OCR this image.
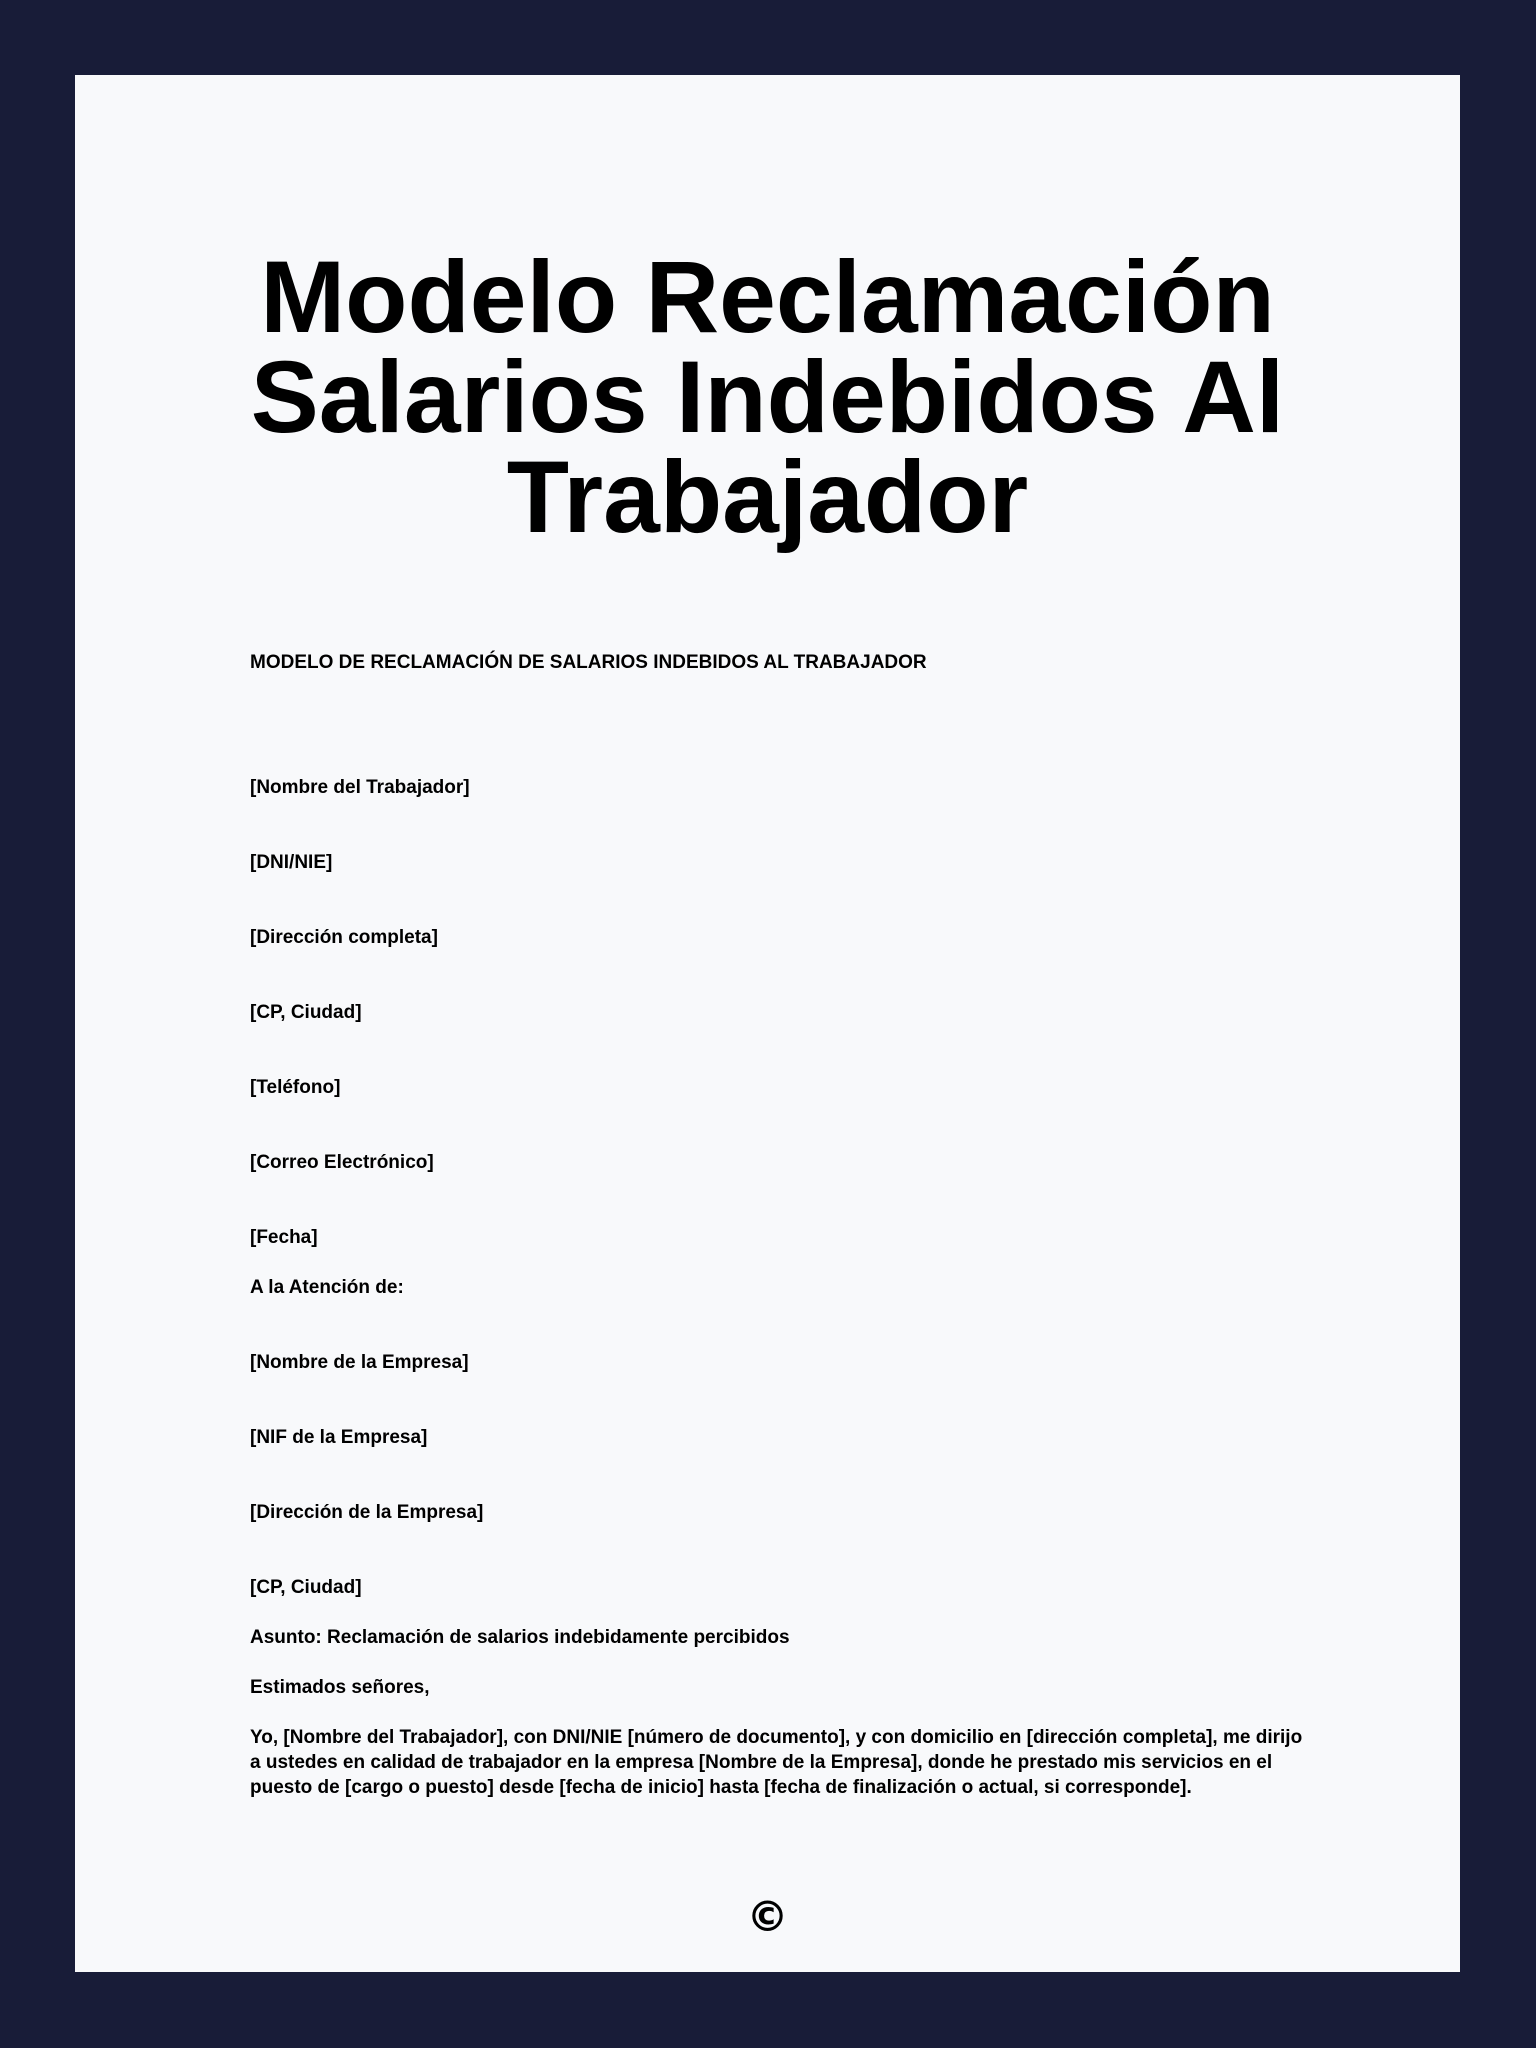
Modelo Reclamación Salarios Indebidos Al Trabajador

MODELO DE RECLAMACIÓN DE SALARIOS INDEBIDOS AL TRABAJADOR

[Nombre del Trabajador]

[DNI/NIE]

[Dirección completa]

[CP, Ciudad]

[Teléfono]

[Correo Electrónico]

[Fecha]

A la Atención de:

[Nombre de la Empresa]

[NIF de la Empresa]

[Dirección de la Empresa]

[CP, Ciudad]

Asunto: Reclamación de salarios indebidamente percibidos

Estimados señores,

Yo, [Nombre del Trabajador], con DNI/NIE [número de documento], y con domicilio en [dirección completa], me dirijo a ustedes en calidad de trabajador en la empresa [Nombre de la Empresa], donde he prestado mis servicios en el puesto de [cargo o puesto] desde [fecha de inicio] hasta [fecha de finalización o actual, si corresponde].

©
